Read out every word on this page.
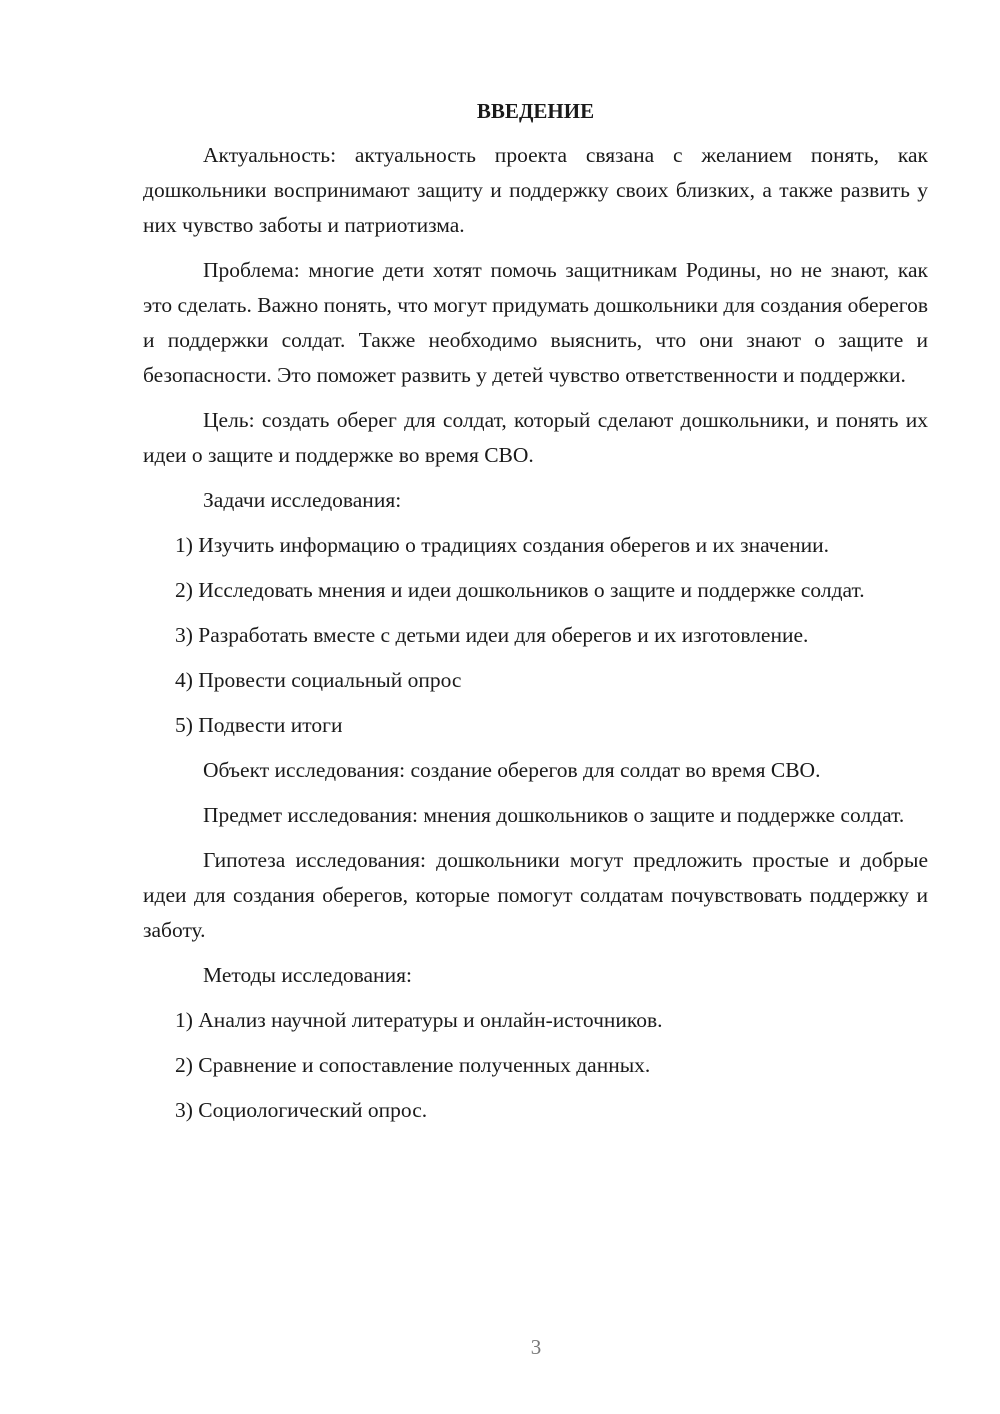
ВВЕДЕНИЕ

Актуальность: актуальность проекта связана с желанием понять, как дошкольники воспринимают защиту и поддержку своих близких, а также развить у них чувство заботы и патриотизма.

Проблема: многие дети хотят помочь защитникам Родины, но не знают, как это сделать. Важно понять, что могут придумать дошкольники для создания оберегов и поддержки солдат. Также необходимо выяснить, что они знают о защите и безопасности. Это поможет развить у детей чувство ответственности и поддержки.

Цель: создать оберег для солдат, который сделают дошкольники, и понять их идеи о защите и поддержке во время СВО.

Задачи исследования:

1) Изучить информацию о традициях создания оберегов и их значении.

2) Исследовать мнения и идеи дошкольников о защите и поддержке солдат.

3) Разработать вместе с детьми идеи для оберегов и их изготовление.

4) Провести социальный опрос

5) Подвести итоги

Объект исследования: создание оберегов для солдат во время СВО.

Предмет исследования: мнения дошкольников о защите и поддержке солдат.

Гипотеза исследования: дошкольники могут предложить простые и добрые идеи для создания оберегов, которые помогут солдатам почувствовать поддержку и заботу.

Методы исследования:

1) Анализ научной литературы и онлайн-источников.

2) Сравнение и сопоставление полученных данных.

3) Социологический опрос.

3
